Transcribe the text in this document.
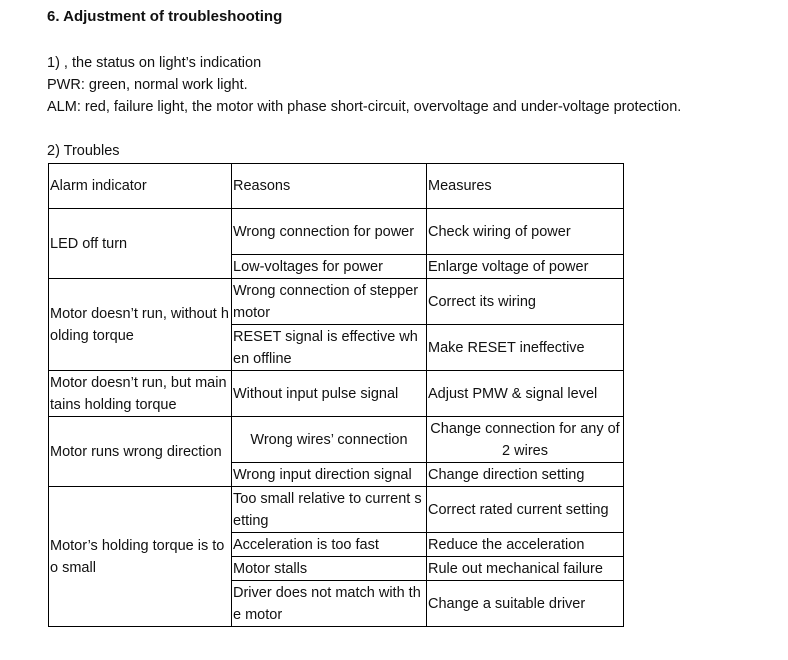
6. Adjustment of troubleshooting
1) , the status on light’s indication
PWR: green, normal work light.
ALM: red, failure light, the motor with phase short-circuit, overvoltage and under-voltage protection.
2) Troubles
Alarm indicator	Reasons	Measures
LED off turn	Wrong connection for power	Check wiring of power
	Low-voltages for power	Enlarge voltage of power
Motor doesn’t run, without holding torque	Wrong connection of stepper motor	Correct its wiring
	RESET signal is effective when offline	Make RESET ineffective
Motor doesn’t run, but maintains holding torque	Without input pulse signal	Adjust PMW & signal level
Motor runs wrong direction	Wrong wires’ connection	Change connection for any of 2 wires
	Wrong input direction signal	Change direction setting
Motor’s holding torque is too small	Too small relative to current setting	Correct rated current setting
	Acceleration is too fast	Reduce the acceleration
	Motor stalls	Rule out mechanical failure
	Driver does not match with the motor	Change a suitable driver
